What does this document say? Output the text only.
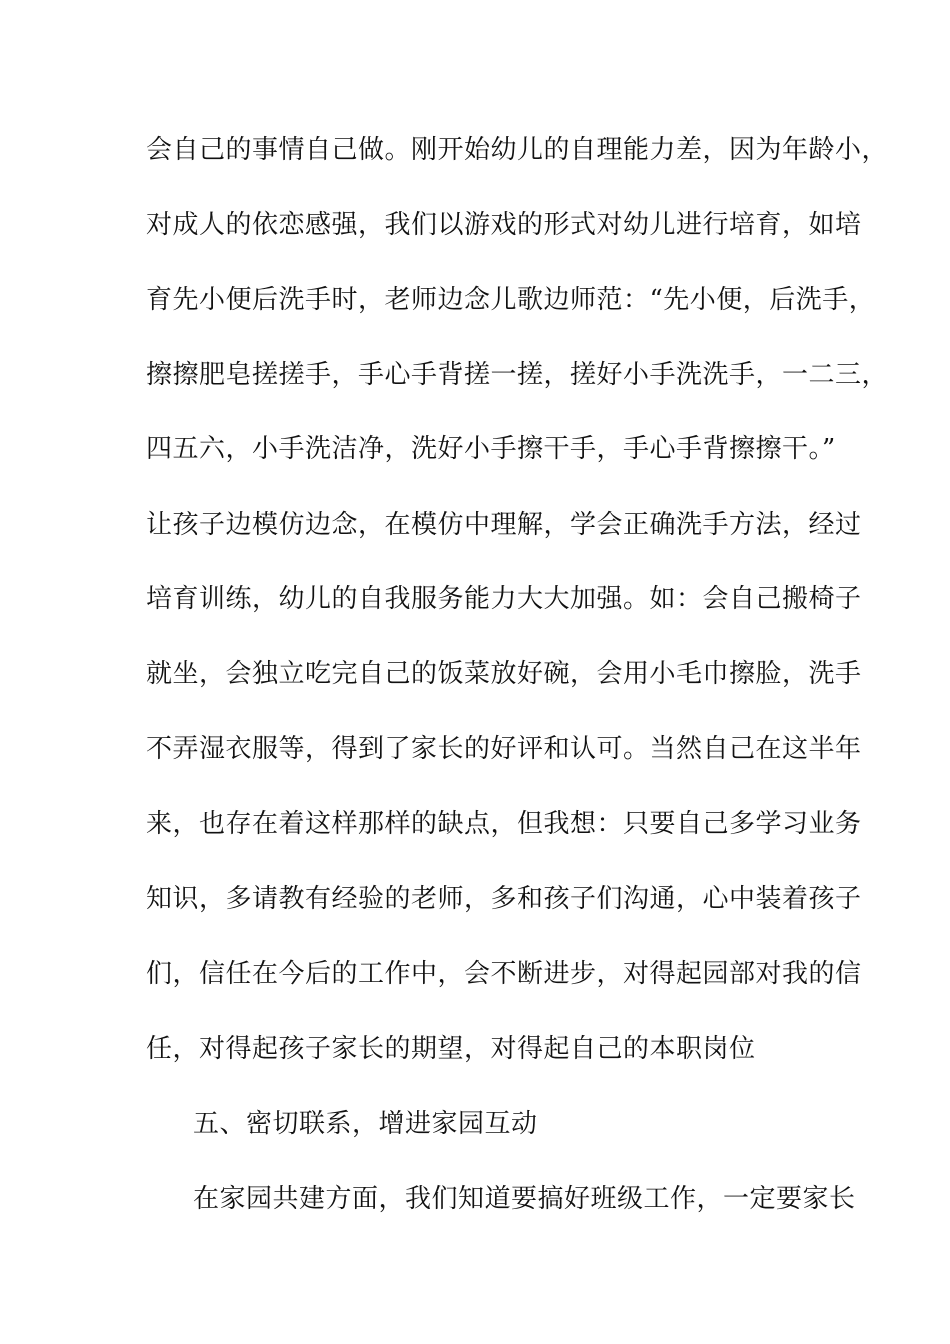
会自己的事情自己做。刚开始幼儿的自理能力差，因为年龄小，
对成人的依恋感强，我们以游戏的形式对幼儿进行培育，如培
育先小便后洗手时，老师边念儿歌边师范：“先小便，后洗手，
擦擦肥皂搓搓手，手心手背搓一搓，搓好小手洗洗手，一二三，
四五六，小手洗洁净，洗好小手擦干手，手心手背擦擦干。”
让孩子边模仿边念，在模仿中理解，学会正确洗手方法，经过
培育训练，幼儿的自我服务能力大大加强。如：会自己搬椅子
就坐，会独立吃完自己的饭菜放好碗，会用小毛巾擦脸，洗手
不弄湿衣服等，得到了家长的好评和认可。当然自己在这半年
来，也存在着这样那样的缺点，但我想：只要自己多学习业务
知识，多请教有经验的老师，多和孩子们沟通，心中装着孩子
们，信任在今后的工作中，会不断进步，对得起园部对我的信
任，对得起孩子家长的期望，对得起自己的本职岗位
五、密切联系，增进家园互动
在家园共建方面，我们知道要搞好班级工作，一定要家长
